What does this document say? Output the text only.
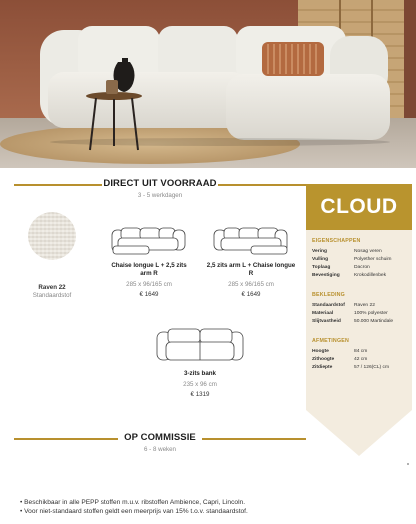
DIRECT UIT VOORRAAD
3 - 5 werkdagen
Raven 22
Standaardstof
Chaise longue L + 2,5 zits arm R
285 x 96/165 cm
€ 1649
2,5 zits arm L + Chaise longue R
285 x 96/165 cm
€ 1649
3-zits bank
235 x 96 cm
€ 1319
CLOUD
EIGENSCHAPPEN
Vering	Nosag veren
Vulling	Polyether schuim
Toplaag	Dacron
Bevestiging	Krokodillenbek
BEKLEDING
Standaardstof Raven 22
Materiaal	100% polyester
Slijtvastheid	50.000 Martindale
AFMETINGEN
Hoogte	84 cm
Zithoogte	42 cm
Zitdiepte	57 / 126(CL) cm
OP COMMISSIE
6 - 8 weken
• Beschikbaar in alle PEPP stoffen m.u.v. ribstoffen Ambience, Capri, Lincoln.
• Voor niet-standaard stoffen geldt een meerprijs van 15% t.o.v. standaardstof.
